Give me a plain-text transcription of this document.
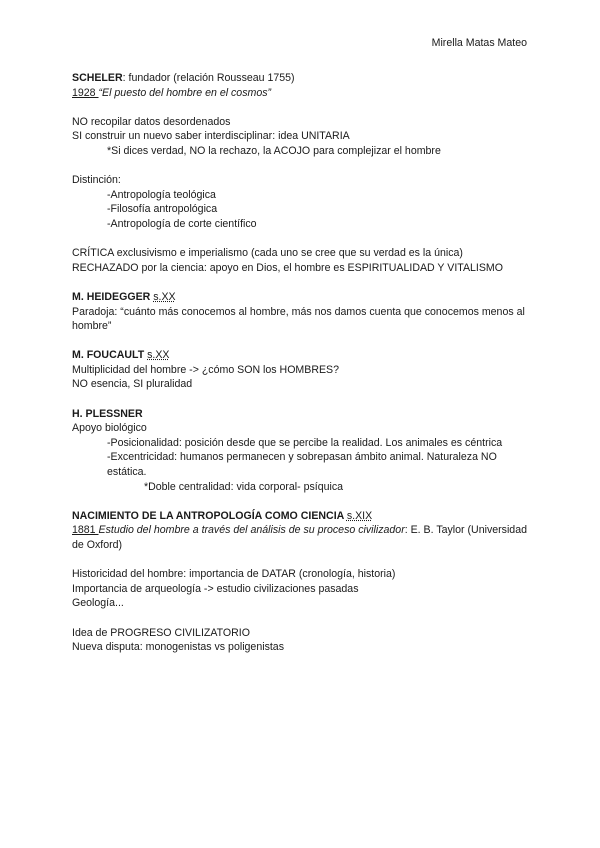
Mirella Matas Mateo
SCHELER: fundador (relación Rousseau 1755)
1928 “El puesto del hombre en el cosmos”
NO recopilar datos desordenados
SI construir un nuevo saber interdisciplinar: idea UNITARIA
*Si dices verdad, NO la rechazo, la ACOJO para complejizar el hombre
Distinción:
-Antropología teológica
-Filosofía antropológica
-Antropología de corte científico
CRÍTICA exclusivismo e imperialismo (cada uno se cree que su verdad es la única)
RECHAZADO por la ciencia: apoyo en Dios, el hombre es ESPIRITUALIDAD Y VITALISMO
M. HEIDEGGER s.XX
Paradoja: “cuánto más conocemos al hombre, más nos damos cuenta que conocemos menos al hombre”
M. FOUCAULT s.XX
Multiplicidad del hombre -> ¿cómo SON los HOMBRES?
NO esencia, SI pluralidad
H. PLESSNER
Apoyo biológico
-Posicionalidad: posición desde que se percibe la realidad. Los animales es céntrica
-Excentricidad: humanos permanecen y sobrepasan ámbito animal. Naturaleza NO estática.
*Doble centralidad: vida corporal- psíquica
NACIMIENTO DE LA ANTROPOLOGÍA COMO CIENCIA s.XIX
1881 Estudio del hombre a través del análisis de su proceso civilizador: E. B. Taylor (Universidad de Oxford)
Historicidad del hombre: importancia de DATAR (cronología, historia)
Importancia de arqueología -> estudio civilizaciones pasadas
Geología...
Idea de PROGRESO CIVILIZATORIO
Nueva disputa: monogenistas vs poligenistas
